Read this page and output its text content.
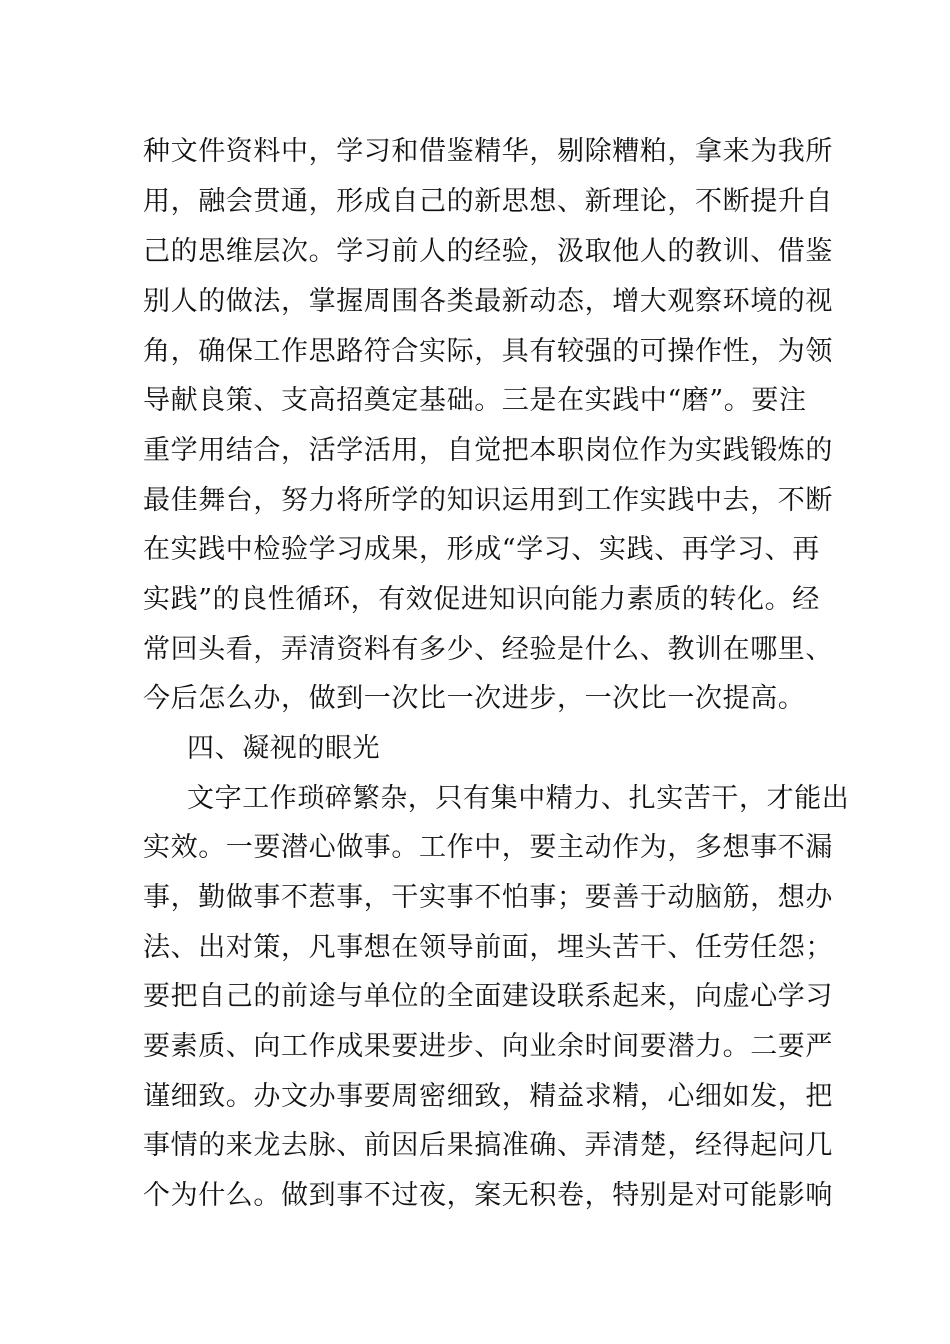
种文件资料中，学习和借鉴精华，剔除糟粕，拿来为我所
用，融会贯通，形成自己的新思想、新理论，不断提升自
己的思维层次。学习前人的经验，汲取他人的教训、借鉴
别人的做法，掌握周围各类最新动态，增大观察环境的视
角，确保工作思路符合实际，具有较强的可操作性，为领
导献良策、支高招奠定基础。三是在实践中“磨”。要注
重学用结合，活学活用，自觉把本职岗位作为实践锻炼的
最佳舞台，努力将所学的知识运用到工作实践中去，不断
在实践中检验学习成果，形成“学习、实践、再学习、再
实践”的良性循环，有效促进知识向能力素质的转化。经
常回头看，弄清资料有多少、经验是什么、教训在哪里、
今后怎么办，做到一次比一次进步，一次比一次提高。
四、凝视的眼光
文字工作琐碎繁杂，只有集中精力、扎实苦干，才能出
实效。一要潜心做事。工作中，要主动作为，多想事不漏
事，勤做事不惹事，干实事不怕事；要善于动脑筋，想办
法、出对策，凡事想在领导前面，埋头苦干、任劳任怨；
要把自己的前途与单位的全面建设联系起来，向虚心学习
要素质、向工作成果要进步、向业余时间要潜力。二要严
谨细致。办文办事要周密细致，精益求精，心细如发，把
事情的来龙去脉、前因后果搞准确、弄清楚，经得起问几
个为什么。做到事不过夜，案无积卷，特别是对可能影响
